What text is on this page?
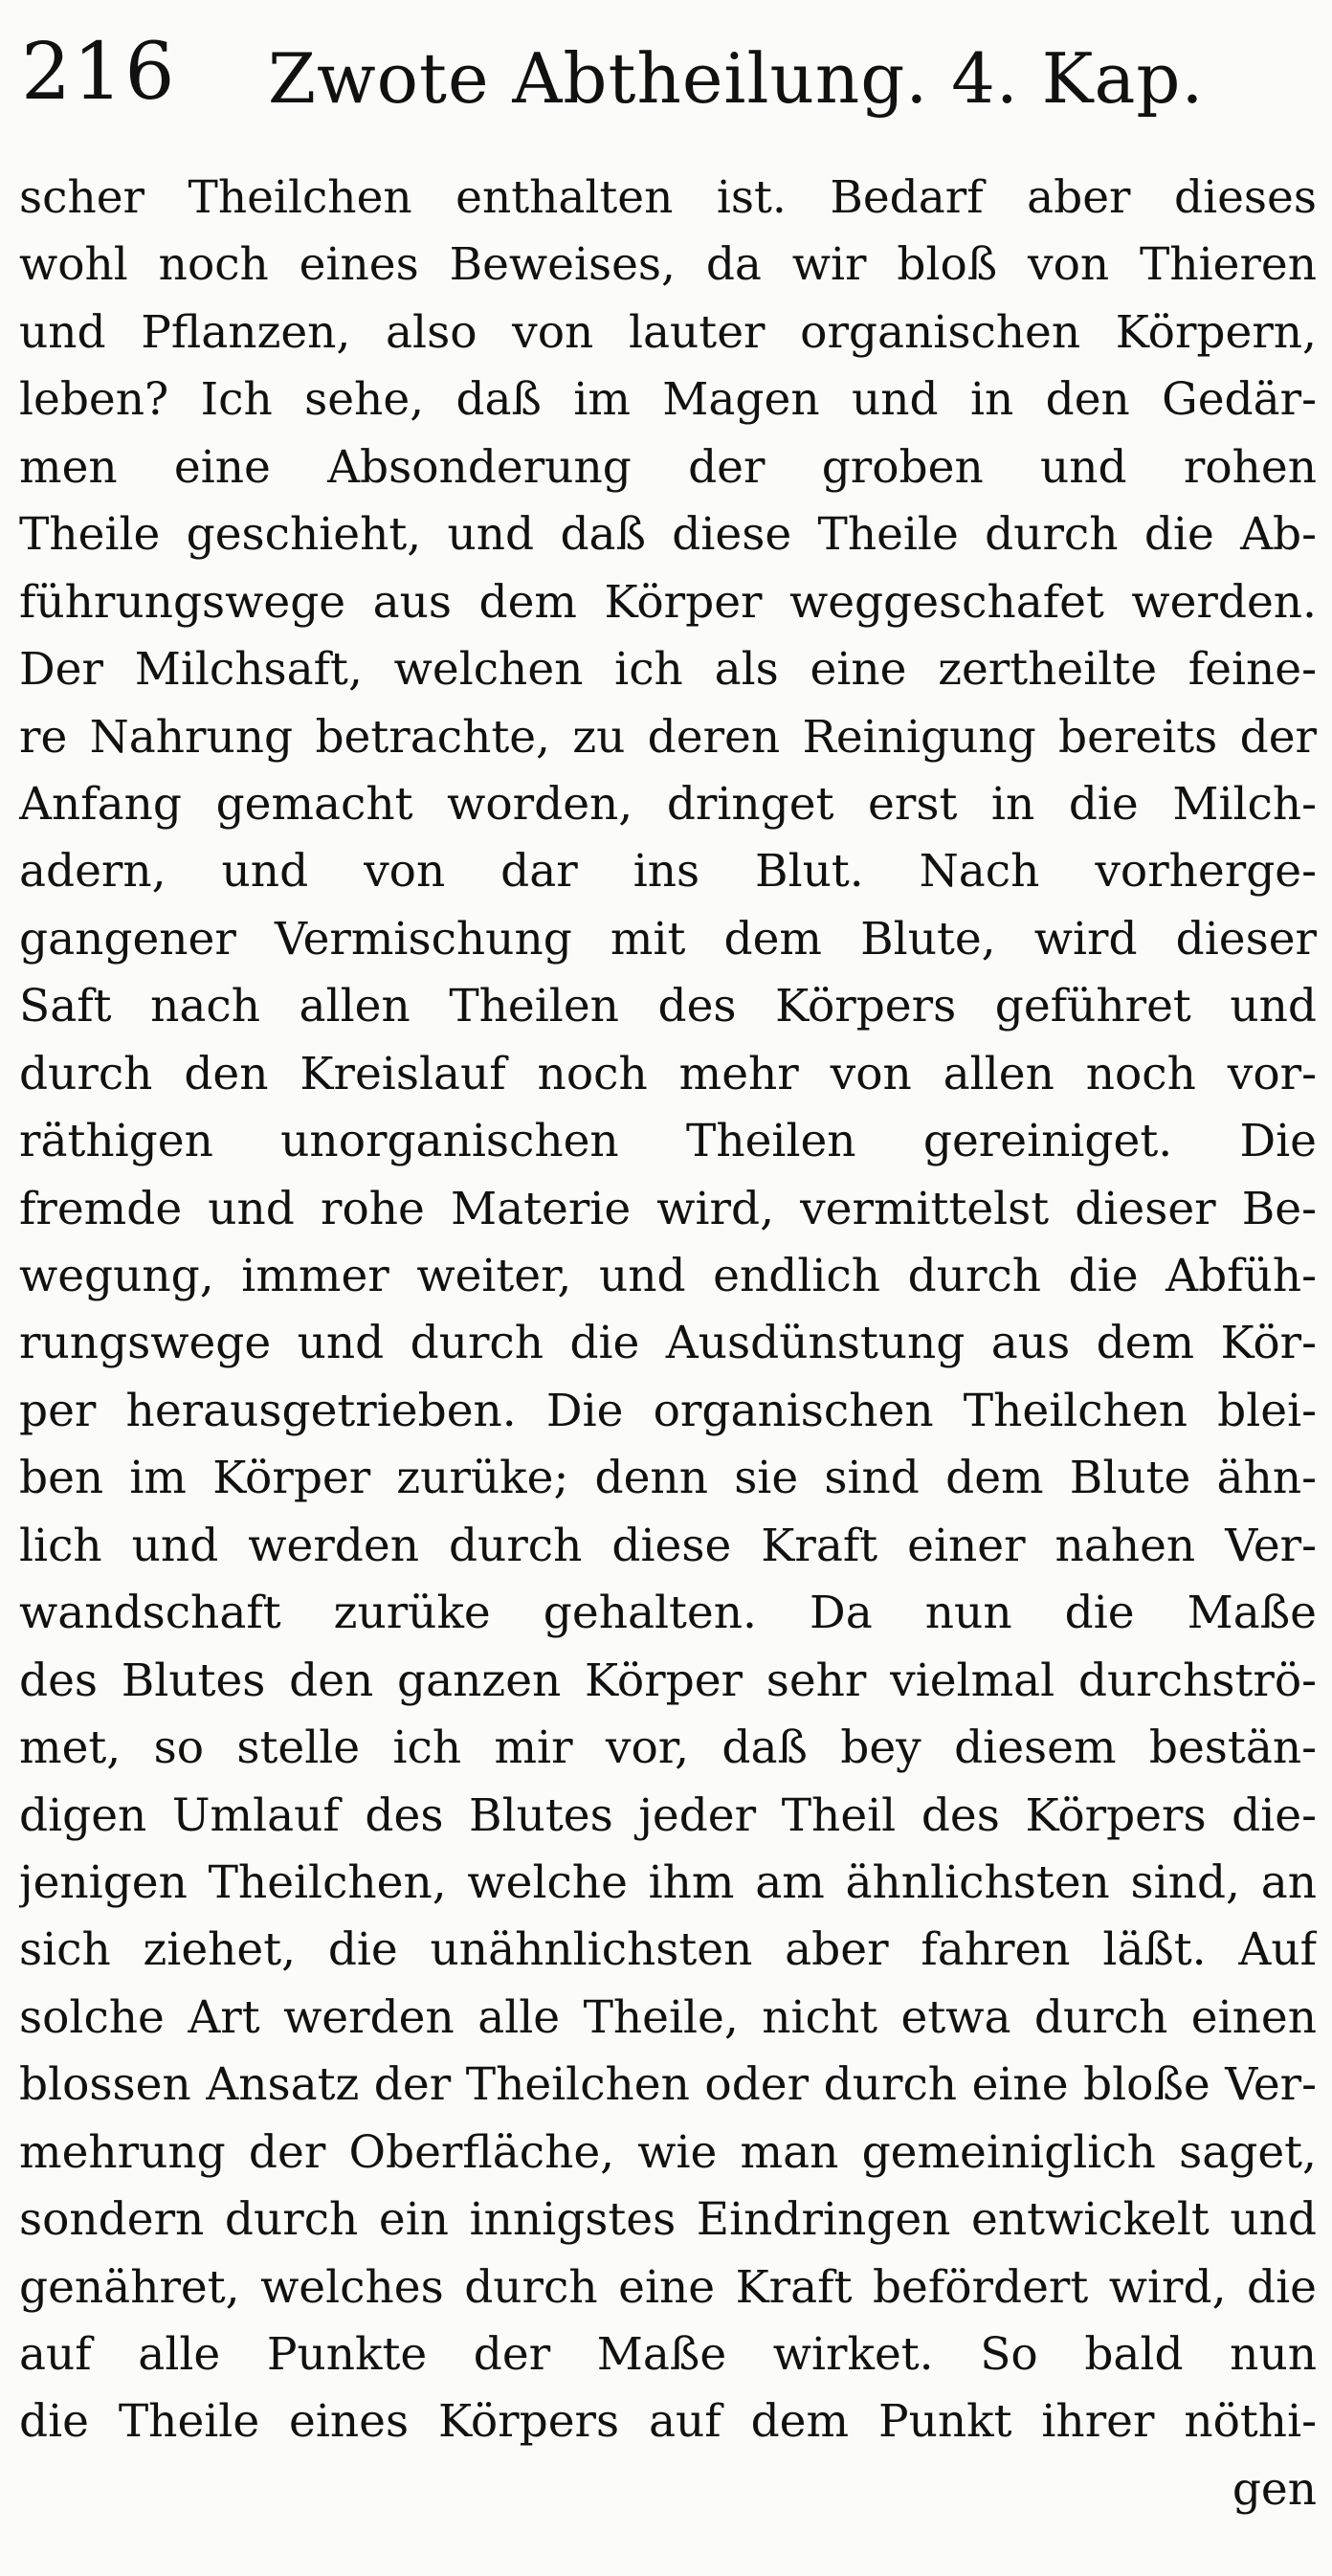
216 Zwote Abtheilung. 4. Kap.
scher Theilchen enthalten ist. Bedarf aber dieses
wohl noch eines Beweises, da wir bloß von Thieren
und Pflanzen, also von lauter organischen Körpern,
leben? Ich sehe, daß im Magen und in den Gedär-
men eine Absonderung der groben und rohen
Theile geschieht, und daß diese Theile durch die Ab-
führungswege aus dem Körper weggeschafet werden.
Der Milchsaft, welchen ich als eine zertheilte feine-
re Nahrung betrachte, zu deren Reinigung bereits der
Anfang gemacht worden, dringet erst in die Milch-
adern, und von dar ins Blut. Nach vorherge-
gangener Vermischung mit dem Blute, wird dieser
Saft nach allen Theilen des Körpers geführet und
durch den Kreislauf noch mehr von allen noch vor-
räthigen unorganischen Theilen gereiniget. Die
fremde und rohe Materie wird, vermittelst dieser Be-
wegung, immer weiter, und endlich durch die Abfüh-
rungswege und durch die Ausdünstung aus dem Kör-
per herausgetrieben. Die organischen Theilchen blei-
ben im Körper zurüke; denn sie sind dem Blute ähn-
lich und werden durch diese Kraft einer nahen Ver-
wandschaft zurüke gehalten. Da nun die Maße
des Blutes den ganzen Körper sehr vielmal durchströ-
met, so stelle ich mir vor, daß bey diesem bestän-
digen Umlauf des Blutes jeder Theil des Körpers die-
jenigen Theilchen, welche ihm am ähnlichsten sind, an
sich ziehet, die unähnlichsten aber fahren läßt. Auf
solche Art werden alle Theile, nicht etwa durch einen
blossen Ansatz der Theilchen oder durch eine bloße Ver-
mehrung der Oberfläche, wie man gemeiniglich saget,
sondern durch ein innigstes Eindringen entwickelt und
genähret, welches durch eine Kraft befördert wird, die
auf alle Punkte der Maße wirket. So bald nun
die Theile eines Körpers auf dem Punkt ihrer nöthi-
gen
